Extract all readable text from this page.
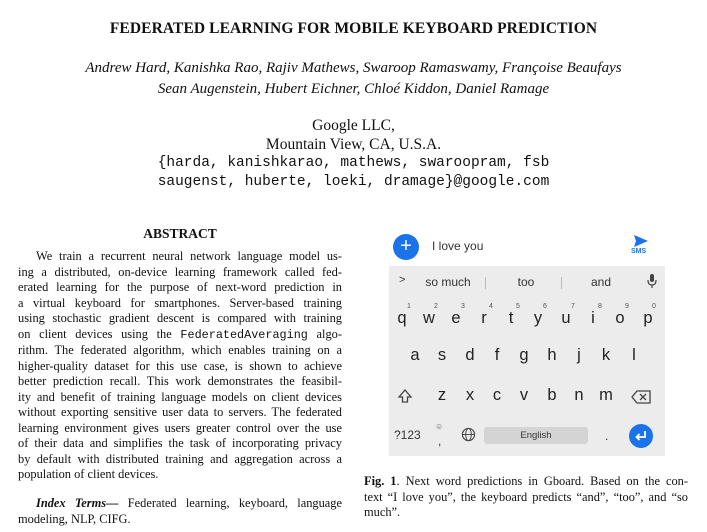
FEDERATED LEARNING FOR MOBILE KEYBOARD PREDICTION
Andrew Hard, Kanishka Rao, Rajiv Mathews, Swaroop Ramaswamy, Françoise Beaufays
Sean Augenstein, Hubert Eichner, Chloé Kiddon, Daniel Ramage
Google LLC,
Mountain View, CA, U.S.A.
{harda, kanishkarao, mathews, swaroopram, fsb
saugenst, huberte, loeki, dramage}@google.com
ABSTRACT
We train a recurrent neural network language model us-
ing a distributed, on-device learning framework called fed-
erated learning for the purpose of next-word prediction in
a virtual keyboard for smartphones. Server-based training
using stochastic gradient descent is compared with training
on client devices using the FederatedAveraging algo-
rithm. The federated algorithm, which enables training on a
higher-quality dataset for this use case, is shown to achieve
better prediction recall. This work demonstrates the feasibil-
ity and benefit of training language models on client devices
without exporting sensitive user data to servers. The federated
learning environment gives users greater control over the use
of their data and simplifies the task of incorporating privacy
by default with distributed training and aggregation across a
population of client devices.
Index Terms— Federated learning, keyboard, language
modeling, NLP, CIFG.
+	I love you	SMS
>	so much	too	and
q w e	r	t	y	u	i	o	p
1	2	3	4	5	6	7	8	9	0
a	s	d	f	g	h	j	k	l
z	x	c	v	b	n m
?123
☺
,	English	.
Fig. 1. Next word predictions in Gboard. Based on the con-
text “I love you”, the keyboard predicts “and”, “too”, and “so
much”.
